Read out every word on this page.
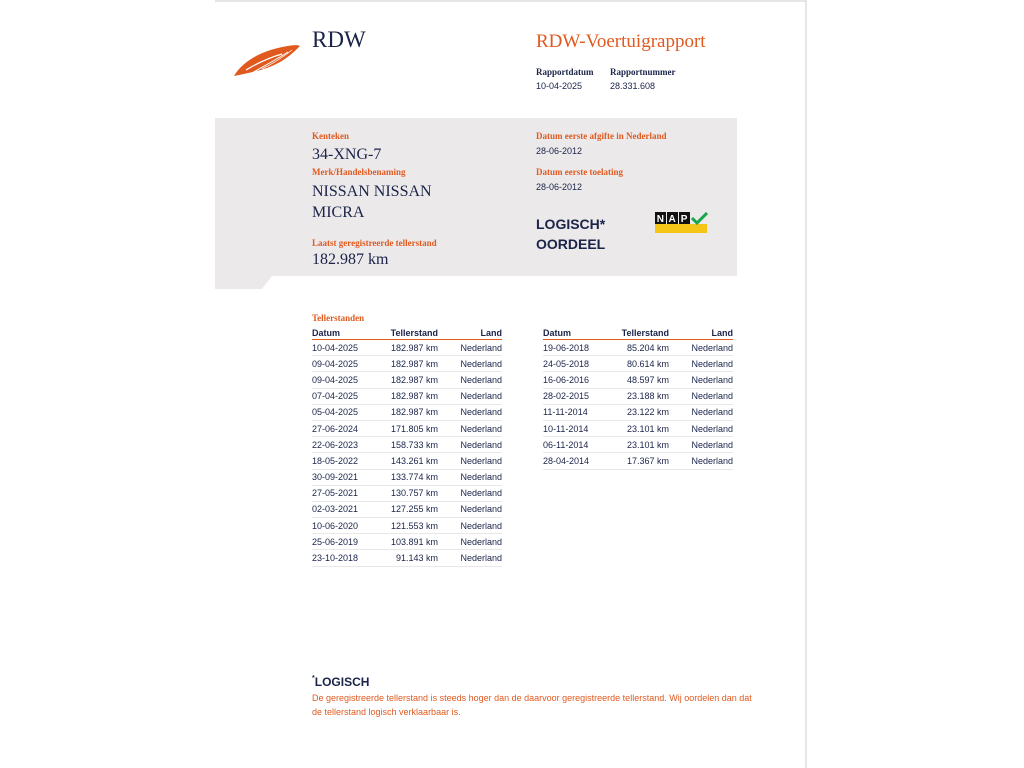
RDW	RDW-Voertuigrapport
Rapportdatum
10-04-2025
Rapportnummer
28.331.608
Kenteken
34-XNG-7
Merk/Handelsbenaming
NISSAN NISSAN
MICRA
Laatst geregistreerde tellerstand
182.987 km
Datum eerste afgifte in Nederland
28-06-2012
Datum eerste toelating
28-06-2012
LOGISCH*
OORDEEL
N A P
Tellerstanden
Datum	Tellerstand	Land
10-04-2025	182.987 km	Nederland
09-04-2025	182.987 km	Nederland
09-04-2025	182.987 km	Nederland
07-04-2025	182.987 km	Nederland
05-04-2025	182.987 km	Nederland
27-06-2024	171.805 km	Nederland
22-06-2023	158.733 km	Nederland
18-05-2022	143.261 km	Nederland
30-09-2021	133.774 km	Nederland
27-05-2021	130.757 km	Nederland
02-03-2021	127.255 km	Nederland
10-06-2020	121.553 km	Nederland
25-06-2019	103.891 km	Nederland
23-10-2018	91.143 km	Nederland
Datum	Tellerstand	Land
19-06-2018	85.204 km	Nederland
24-05-2018	80.614 km	Nederland
16-06-2016	48.597 km	Nederland
28-02-2015	23.188 km	Nederland
11-11-2014	23.122 km	Nederland
10-11-2014	23.101 km	Nederland
06-11-2014	23.101 km	Nederland
28-04-2014	17.367 km	Nederland
*LOGISCH
De geregistreerde tellerstand is steeds hoger dan de daarvoor geregistreerde tellerstand. Wij oordelen dan dat de tellerstand logisch verklaarbaar is.
